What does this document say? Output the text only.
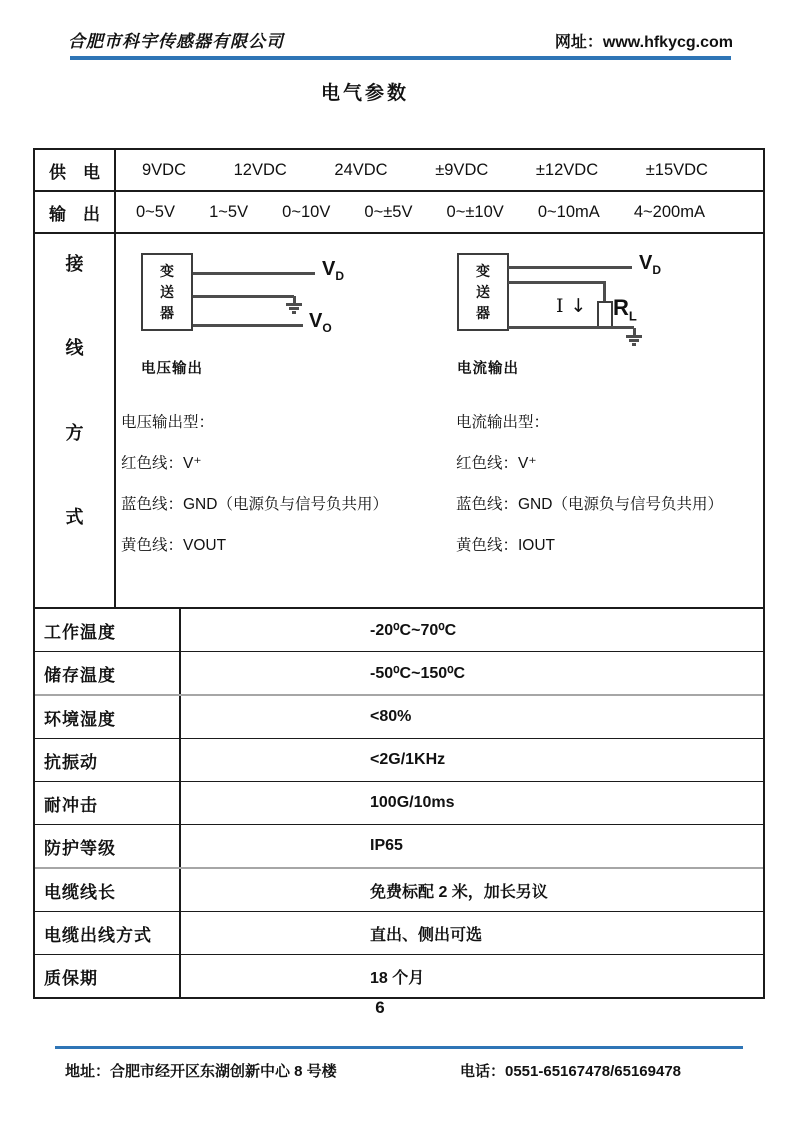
合肥市科宇传感器有限公司	网址：www.hfkycg.com
电气参数
供 电	9VDC	12VDC	24VDC	±9VDC	±12VDC	±15VDC
输 出 0~5V 1~5V 0~10V 0~±5V 0~±10V 0~10mA 4~200mA
接
线
方
式
变
送
器
$V_D$
$V_O$
电压输出
变
送
器
$V_D$
I ↓ $R_L$
电流输出
电压输出型：
红色线：V⁺
蓝色线：GND（电源负与信号负共用）
黄色线：VOUT
电流输出型：
红色线：V⁺
蓝色线：GND（电源负与信号负共用）
黄色线：IOUT
工作温度	-20⁰C~70⁰C
储存温度	-50⁰C~150⁰C
环境湿度	<80%
抗振动	<2G/1KHz
耐冲击	100G/10ms
防护等级	IP65
电缆线长	免费标配 2 米，加长另议
电缆出线方式	直出、侧出可选
质保期	18 个月
6
地址：合肥市经开区东湖创新中心 8 号楼	电话：0551-65167478/65169478
